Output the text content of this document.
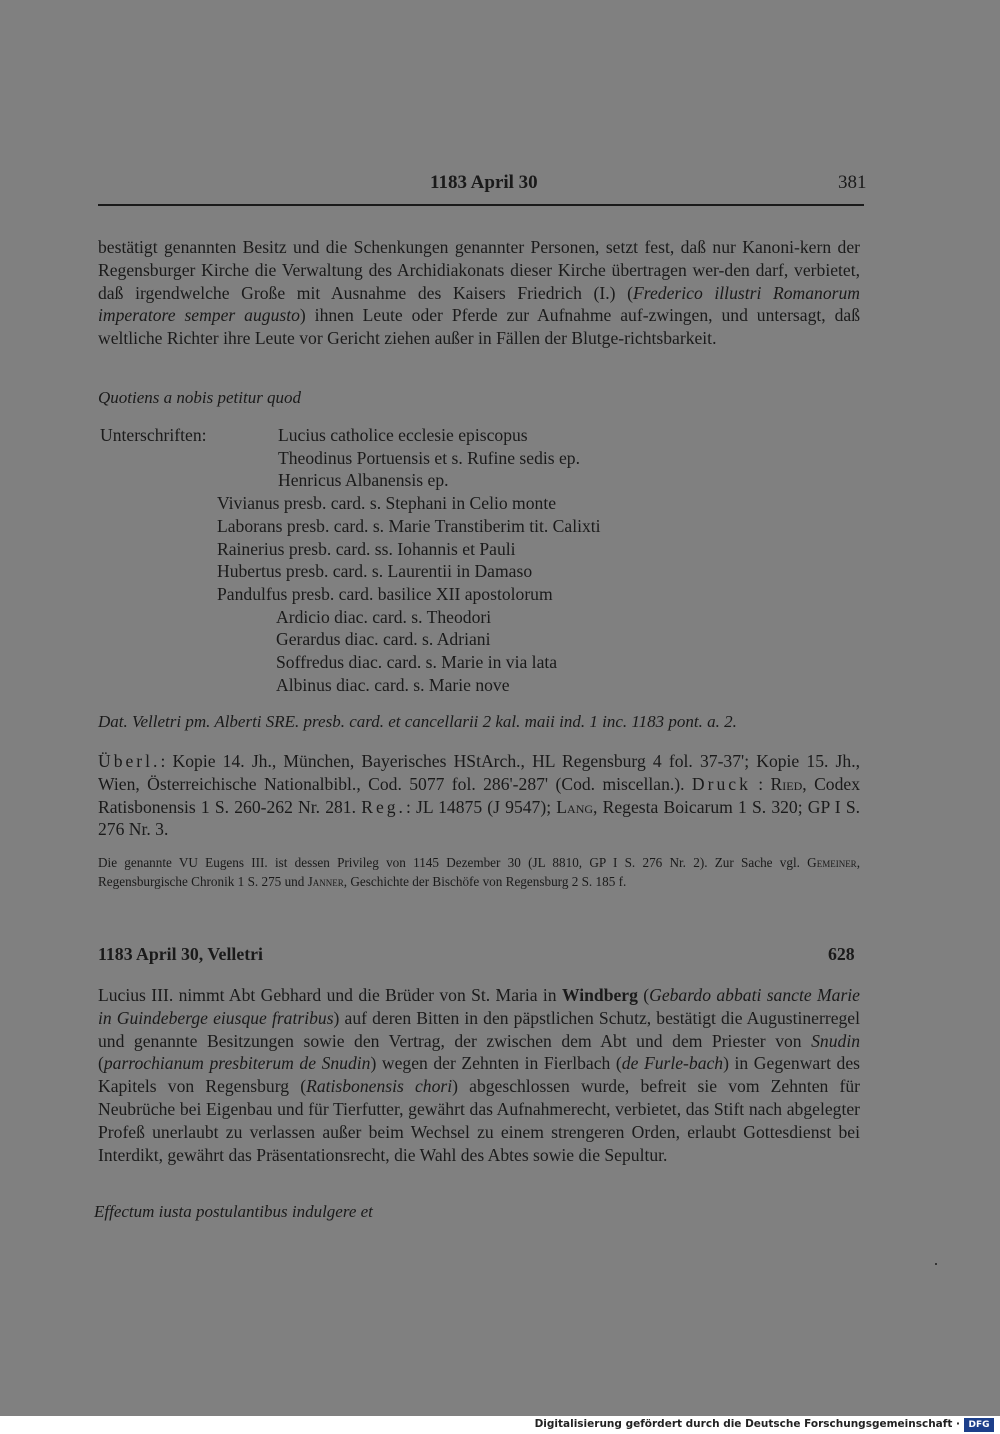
1183 April 30	381
bestätigt genannten Besitz und die Schenkungen genannter Personen, setzt fest, daß nur Kanoni-kern der Regensburger Kirche die Verwaltung des Archidiakonats dieser Kirche übertragen wer-den darf, verbietet, daß irgendwelche Große mit Ausnahme des Kaisers Friedrich (I.) (Frederico illustri Romanorum imperatore semper augusto) ihnen Leute oder Pferde zur Aufnahme auf-zwingen, und untersagt, daß weltliche Richter ihre Leute vor Gericht ziehen außer in Fällen der Blutge-richtsbarkeit.
Quotiens a nobis petitur quod
Unterschriften:	Lucius catholice ecclesie episcopus
Theodinus Portuensis et s. Rufine sedis ep.
Henricus Albanensis ep.
Vivianus presb. card. s. Stephani in Celio monte
Laborans presb. card. s. Marie Transtiberim tit. Calixti
Rainerius presb. card. ss. Iohannis et Pauli
Hubertus presb. card. s. Laurentii in Damaso
Pandulfus presb. card. basilice XII apostolorum
Ardicio diac. card. s. Theodori
Gerardus diac. card. s. Adriani
Soffredus diac. card. s. Marie in via lata
Albinus diac. card. s. Marie nove
Dat. Velletri pm. Alberti SRE. presb. card. et cancellarii 2 kal. maii ind. 1 inc. 1183 pont. a. 2.
Überl.: Kopie 14. Jh., München, Bayerisches HStArch., HL Regensburg 4 fol. 37-37'; Kopie 15. Jh., Wien, Österreichische Nationalbibl., Cod. 5077 fol. 286'-287' (Cod. miscellan.). Druck : Ried, Codex Ratisbonensis 1 S. 260-262 Nr. 281. Reg.: JL 14875 (J 9547); Lang, Regesta Boicarum 1 S. 320; GP I S. 276 Nr. 3.
Die genannte VU Eugens III. ist dessen Privileg von 1145 Dezember 30 (JL 8810, GP I S. 276 Nr. 2). Zur Sache vgl. Gemeiner, Regensburgische Chronik 1 S. 275 und Janner, Geschichte der Bischöfe von Regensburg 2 S. 185 f.
1183 April 30, Velletri	628
Lucius III. nimmt Abt Gebhard und die Brüder von St. Maria in Windberg (Gebardo abbati sancte Marie in Guindeberge eiusque fratribus) auf deren Bitten in den päpstlichen Schutz, bestätigt die Augustinerregel und genannte Besitzungen sowie den Vertrag, der zwischen dem Abt und dem Priester von Snudin (parrochianum presbiterum de Snudin) wegen der Zehnten in Fierlbach (de Furle-bach) in Gegenwart des Kapitels von Regensburg (Ratisbonensis chori) abgeschlossen wurde, befreit sie vom Zehnten für Neubrüche bei Eigenbau und für Tierfutter, gewährt das Aufnahmerecht, verbietet, das Stift nach abgelegter Profeß unerlaubt zu verlassen außer beim Wechsel zu einem strengeren Orden, erlaubt Gottesdienst bei Interdikt, gewährt das Präsentationsrecht, die Wahl des Abtes sowie die Sepultur.
Effectum iusta postulantibus indulgere et
Digitalisierung gefördert durch die Deutsche Forschungsgemeinschaft · DFG
